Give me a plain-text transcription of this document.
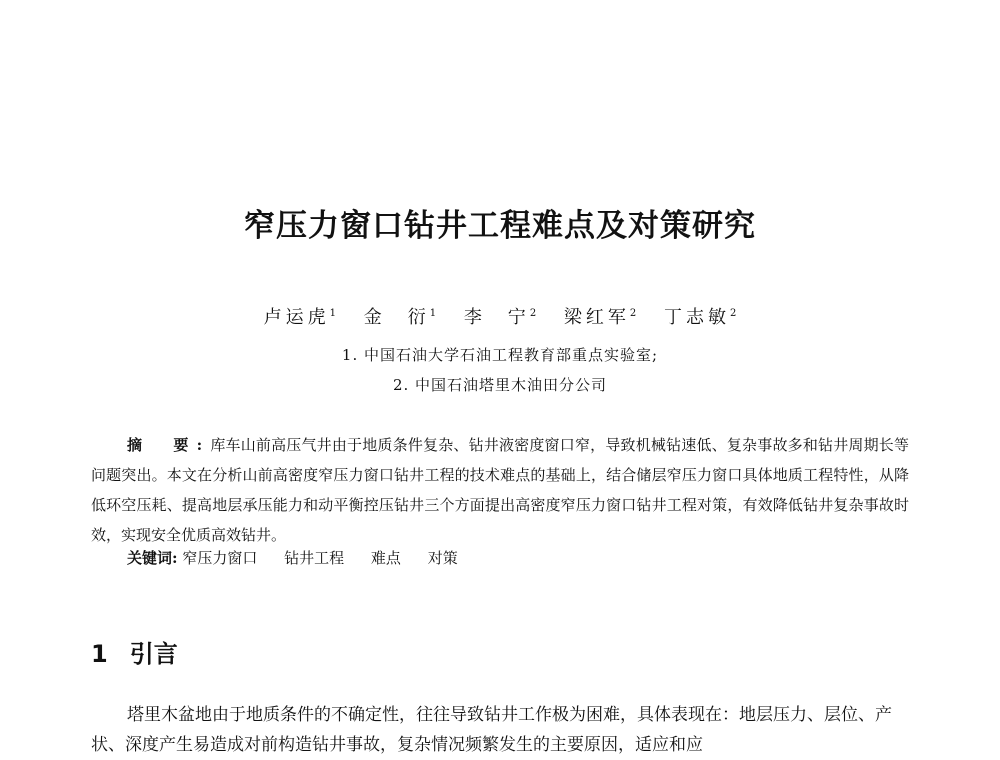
窄压力窗口钻井工程难点及对策研究
卢运虎$^1$ 金　衍$^1$ 李　宁$^2$ 梁红军$^2$ 丁志敏$^2$
1. 中国石油大学石油工程教育部重点实验室;
2. 中国石油塔里木油田分公司
摘　要:库车山前高压气井由于地质条件复杂、钻井液密度窗口窄，导致机械钻速低、复杂事故多和钻井周期长等问题突出。本文在分析山前高密度窄压力窗口钻井工程的技术难点的基础上，结合储层窄压力窗口具体地质工程特性，从降低环空压耗、提高地层承压能力和动平衡控压钻井三个方面提出高密度窄压力窗口钻井工程对策，有效降低钻井复杂事故时效，实现安全优质高效钻井。
关键词: 窄压力窗口 钻井工程 难点 对策
1 引言
塔里木盆地由于地质条件的不确定性，往往导致钻井工作极为困难，具体表现在：地层压力、层位、产状、深度产生易造成对前构造钻井事故，复杂情况频繁发生的主要原因，适应和应
